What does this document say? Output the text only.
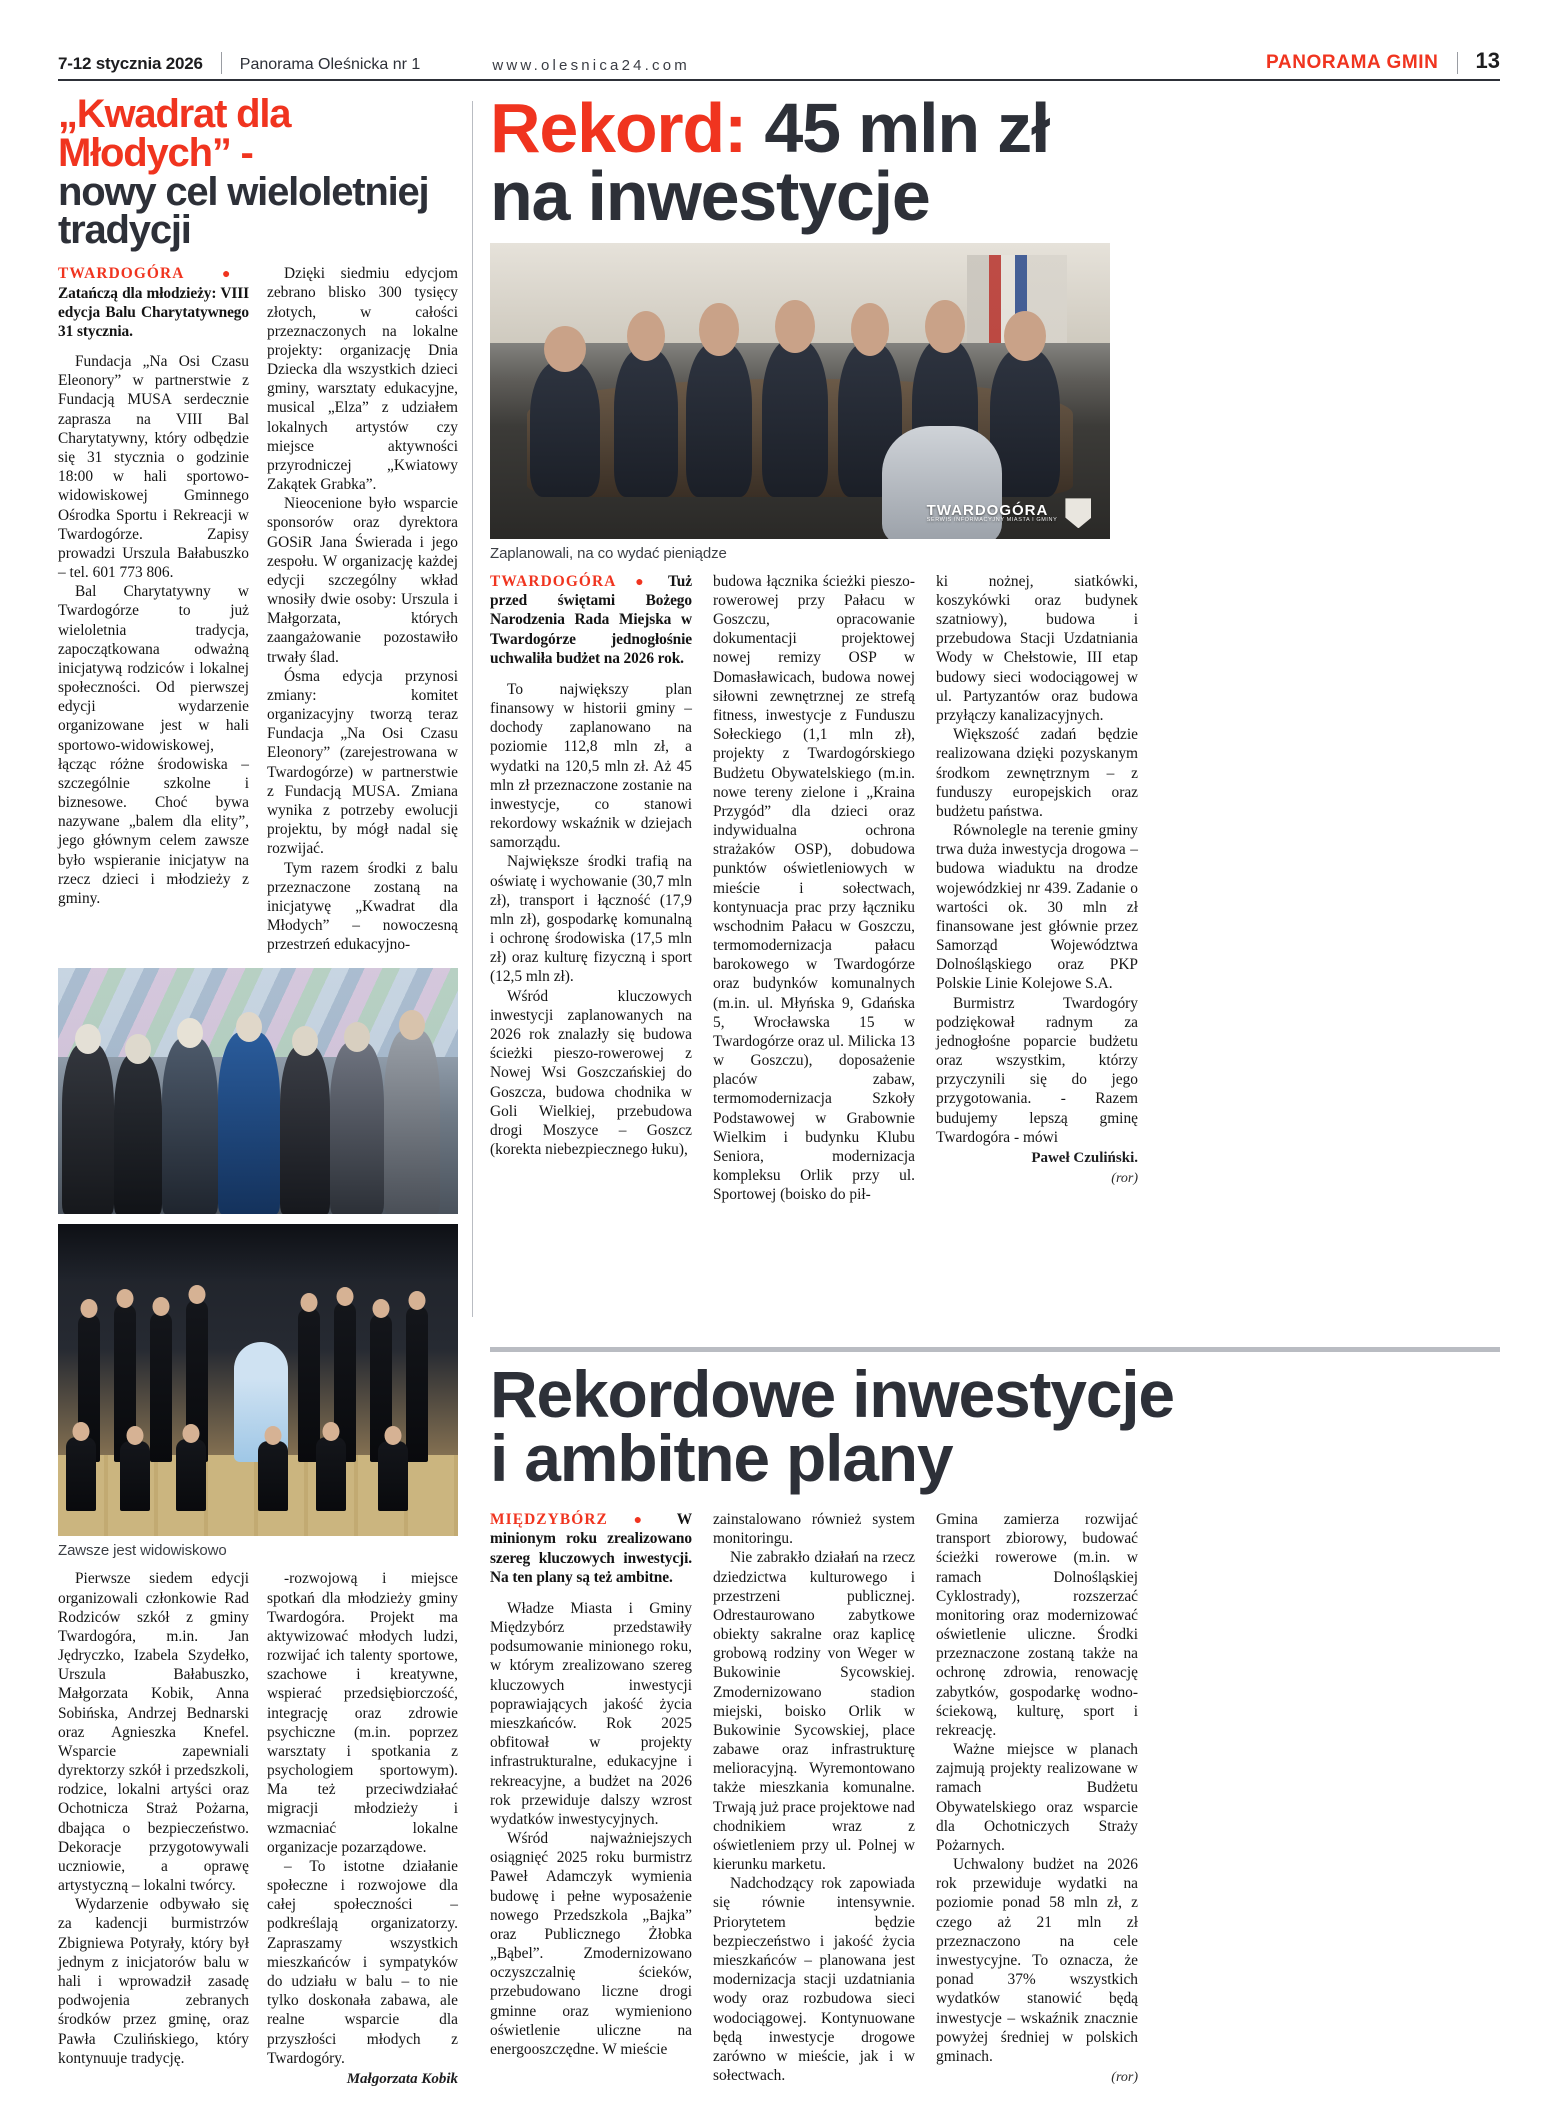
7-12 stycznia 2026 Panorama Oleśnicka nr 1	www.olesnica24.com	PANORAMA GMIN 13
„Kwadrat dla Młodych” -
nowy cel wieloletniej tradycji

TWARDOGÓRA  ●  Zatańczą dla młodzieży: VIII edycja Balu Charytatywnego 31 stycznia.

Fundacja „Na Osi Czasu Eleonory” w partnerstwie z Fundacją MUSA serdecznie zaprasza na VIII Bal Charytatywny, który odbędzie się 31 stycznia o godzinie 18:00 w hali sportowo-widowiskowej Gminnego Ośrodka Sportu i Rekreacji w Twardogórze. Zapisy prowadzi Urszula Bałabuszko – tel. 601 773 806.

Bal Charytatywny w Twardogórze to już wieloletnia tradycja, zapoczątkowana odważną inicjatywą rodziców i lokalnej społeczności. Od pierwszej edycji wydarzenie organizowane jest w hali sportowo-widowiskowej, łącząc różne środowiska – szczególnie szkolne i biznesowe. Choć bywa nazywane „balem dla elity”, jego głównym celem zawsze było wspieranie inicjatyw na rzecz dzieci i młodzieży z gminy.

Dzięki siedmiu edycjom zebrano blisko 300 tysięcy złotych, w całości przeznaczonych na lokalne projekty: organizację Dnia Dziecka dla wszystkich dzieci gminy, warsztaty edukacyjne, musical „Elza” z udziałem lokalnych artystów czy miejsce aktywności przyrodniczej „Kwiatowy Zakątek Grabka”.

Nieocenione było wsparcie sponsorów oraz dyrektora GOSiR Jana Świerada i jego zespołu. W organizację każdej edycji szczególny wkład wnosiły dwie osoby: Urszula i Małgorzata, których zaangażowanie pozostawiło trwały ślad.

Ósma edycja przynosi zmiany: komitet organizacyjny tworzą teraz Fundacja „Na Osi Czasu Eleonory” (zarejestrowana w Twardogórze) w partnerstwie z Fundacją MUSA. Zmiana wynika z potrzeby ewolucji projektu, by mógł nadal się rozwijać.

Tym razem środki z balu przeznaczone zostaną na inicjatywę „Kwadrat dla Młodych” – nowoczesną przestrzeń edukacyjno-

Zawsze jest widowiskowo

Pierwsze siedem edycji organizowali członkowie Rad Rodziców szkół z gminy Twardogóra, m.in. Jan Jędryczko, Izabela Szydełko, Urszula Bałabuszko, Małgorzata Kobik, Anna Sobińska, Andrzej Bednarski oraz Agnieszka Knefel. Wsparcie zapewniali dyrektorzy szkół i przedszkoli, rodzice, lokalni artyści oraz Ochotnicza Straż Pożarna, dbająca o bezpieczeństwo. Dekoracje przygotowywali uczniowie, a oprawę artystyczną – lokalni twórcy.

Wydarzenie odbywało się za kadencji burmistrzów Zbigniewa Potyrały, który był jednym z inicjatorów balu w hali i wprowadził zasadę podwojenia zebranych środków przez gminę, oraz Pawła Czulińskiego, który kontynuuje tradycję.

-rozwojową i miejsce spotkań dla młodzieży gminy Twardogóra. Projekt ma aktywizować młodych ludzi, rozwijać ich talenty sportowe, szachowe i kreatywne, wspierać przedsiębiorczość, integrację oraz zdrowie psychiczne (m.in. poprzez warsztaty i spotkania z psychologiem sportowym). Ma też przeciwdziałać migracji młodzieży i wzmacniać lokalne organizacje pozarządowe.

– To istotne działanie społeczne i rozwojowe dla całej społeczności – podkreślają organizatorzy. Zapraszamy wszystkich mieszkańców i sympatyków do udziału w balu – to nie tylko doskonała zabawa, ale realne wsparcie dla przyszłości młodych z Twardogóry.

Małgorzata Kobik
Rekord: 45 mln zł
na inwestycje
TWARDOGÓRA
SERWIS INFORMACYJNY MIASTA I GMINY
Zaplanowali, na co wydać pieniądze

TWARDOGÓRA  ●  Tuż przed świętami Bożego Narodzenia Rada Miejska w Twardogórze jednogłośnie uchwaliła budżet na 2026 rok.

To największy plan finansowy w historii gminy – dochody zaplanowano na poziomie 112,8 mln zł, a wydatki na 120,5 mln zł. Aż 45 mln zł przeznaczone zostanie na inwestycje, co stanowi rekordowy wskaźnik w dziejach samorządu.

Największe środki trafią na oświatę i wychowanie (30,7 mln zł), transport i łączność (17,9 mln zł), gospodarkę komunalną i ochronę środowiska (17,5 mln zł) oraz kulturę fizyczną i sport (12,5 mln zł).

Wśród kluczowych inwestycji zaplanowanych na 2026 rok znalazły się budowa ścieżki pieszo-rowerowej z Nowej Wsi Goszczańskiej do Goszcza, budowa chodnika w Goli Wielkiej, przebudowa drogi Moszyce – Goszcz (korekta niebezpiecznego łuku),

budowa łącznika ścieżki pieszo-rowerowej przy Pałacu w Goszczu, opracowanie dokumentacji projektowej nowej remizy OSP w Domasławicach, budowa nowej siłowni zewnętrznej ze strefą fitness, inwestycje z Funduszu Sołeckiego (1,1 mln zł), projekty z Twardogórskiego Budżetu Obywatelskiego (m.in. nowe tereny zielone i „Kraina Przygód” dla dzieci oraz indywidualna ochrona strażaków OSP), dobudowa punktów oświetleniowych w mieście i sołectwach, kontynuacja prac przy łączniku wschodnim Pałacu w Goszczu, termomodernizacja pałacu barokowego w Twardogórze oraz budynków komunalnych (m.in. ul. Młyńska 9, Gdańska 5, Wrocławska 15 w Twardogórze oraz ul. Milicka 13 w Goszczu), doposażenie placów zabaw, termomodernizacja Szkoły Podstawowej w Grabownie Wielkim i budynku Klubu Seniora, modernizacja kompleksu Orlik przy ul. Sportowej (boisko do pił-

ki nożnej, siatkówki, koszykówki oraz budynek szatniowy), budowa i przebudowa Stacji Uzdatniania Wody w Chełstowie, III etap budowy sieci wodociągowej w ul. Partyzantów oraz budowa przyłączy kanalizacyjnych.

Większość zadań będzie realizowana dzięki pozyskanym środkom zewnętrznym – z funduszy europejskich oraz budżetu państwa.

Równolegle na terenie gminy trwa duża inwestycja drogowa – budowa wiaduktu na drodze wojewódzkiej nr 439. Zadanie o wartości ok. 30 mln zł finansowane jest głównie przez Samorząd Województwa Dolnośląskiego oraz PKP Polskie Linie Kolejowe S.A.

Burmistrz Twardogóry podziękował radnym za jednogłośne poparcie budżetu oraz wszystkim, którzy przyczynili się do jego przygotowania. - Razem budujemy lepszą gminę Twardogóra - mówi

Paweł Czuliński.
(ror)
Rekordowe inwestycje
i ambitne plany

MIĘDZYBÓRZ  ●  W minionym roku zrealizowano szereg kluczowych inwestycji. Na ten plany są też ambitne.

Władze Miasta i Gminy Międzybórz przedstawiły podsumowanie minionego roku, w którym zrealizowano szereg kluczowych inwestycji poprawiających jakość życia mieszkańców. Rok 2025 obfitował w projekty infrastrukturalne, edukacyjne i rekreacyjne, a budżet na 2026 rok przewiduje dalszy wzrost wydatków inwestycyjnych.

Wśród najważniejszych osiągnięć 2025 roku burmistrz Paweł Adamczyk wymienia budowę i pełne wyposażenie nowego Przedszkola „Bajka” oraz Publicznego Żłobka „Bąbel”. Zmodernizowano oczyszczalnię ścieków, przebudowano liczne drogi gminne oraz wymieniono oświetlenie uliczne na energooszczędne. W mieście

zainstalowano również system monitoringu.

Nie zabrakło działań na rzecz dziedzictwa kulturowego i przestrzeni publicznej. Odrestaurowano zabytkowe obiekty sakralne oraz kaplicę grobową rodziny von Weger w Bukowinie Sycowskiej. Zmodernizowano stadion miejski, boisko Orlik w Bukowinie Sycowskiej, place zabawe oraz infrastrukturę melioracyjną. Wyremontowano także mieszkania komunalne. Trwają już prace projektowe nad chodnikiem wraz z oświetleniem przy ul. Polnej w kierunku marketu.

Nadchodzący rok zapowiada się równie intensywnie. Priorytetem będzie bezpieczeństwo i jakość życia mieszkańców – planowana jest modernizacja stacji uzdatniania wody oraz rozbudowa sieci wodociągowej. Kontynuowane będą inwestycje drogowe zarówno w mieście, jak i w sołectwach.

Gmina zamierza rozwijać transport zbiorowy, budować ścieżki rowerowe (m.in. w ramach Dolnośląskiej Cyklostrady), rozszerzać monitoring oraz modernizować oświetlenie uliczne. Środki przeznaczone zostaną także na ochronę zdrowia, renowację zabytków, gospodarkę wodno-ściekową, kulturę, sport i rekreację.

Ważne miejsce w planach zajmują projekty realizowane w ramach Budżetu Obywatelskiego oraz wsparcie dla Ochotniczych Straży Pożarnych.

Uchwalony budżet na 2026 rok przewiduje wydatki na poziomie ponad 58 mln zł, z czego aż 21 mln zł przeznaczono na cele inwestycyjne. To oznacza, że ponad 37% wszystkich wydatków stanowić będą inwestycje – wskaźnik znacznie powyżej średniej w polskich gminach.

(ror)
